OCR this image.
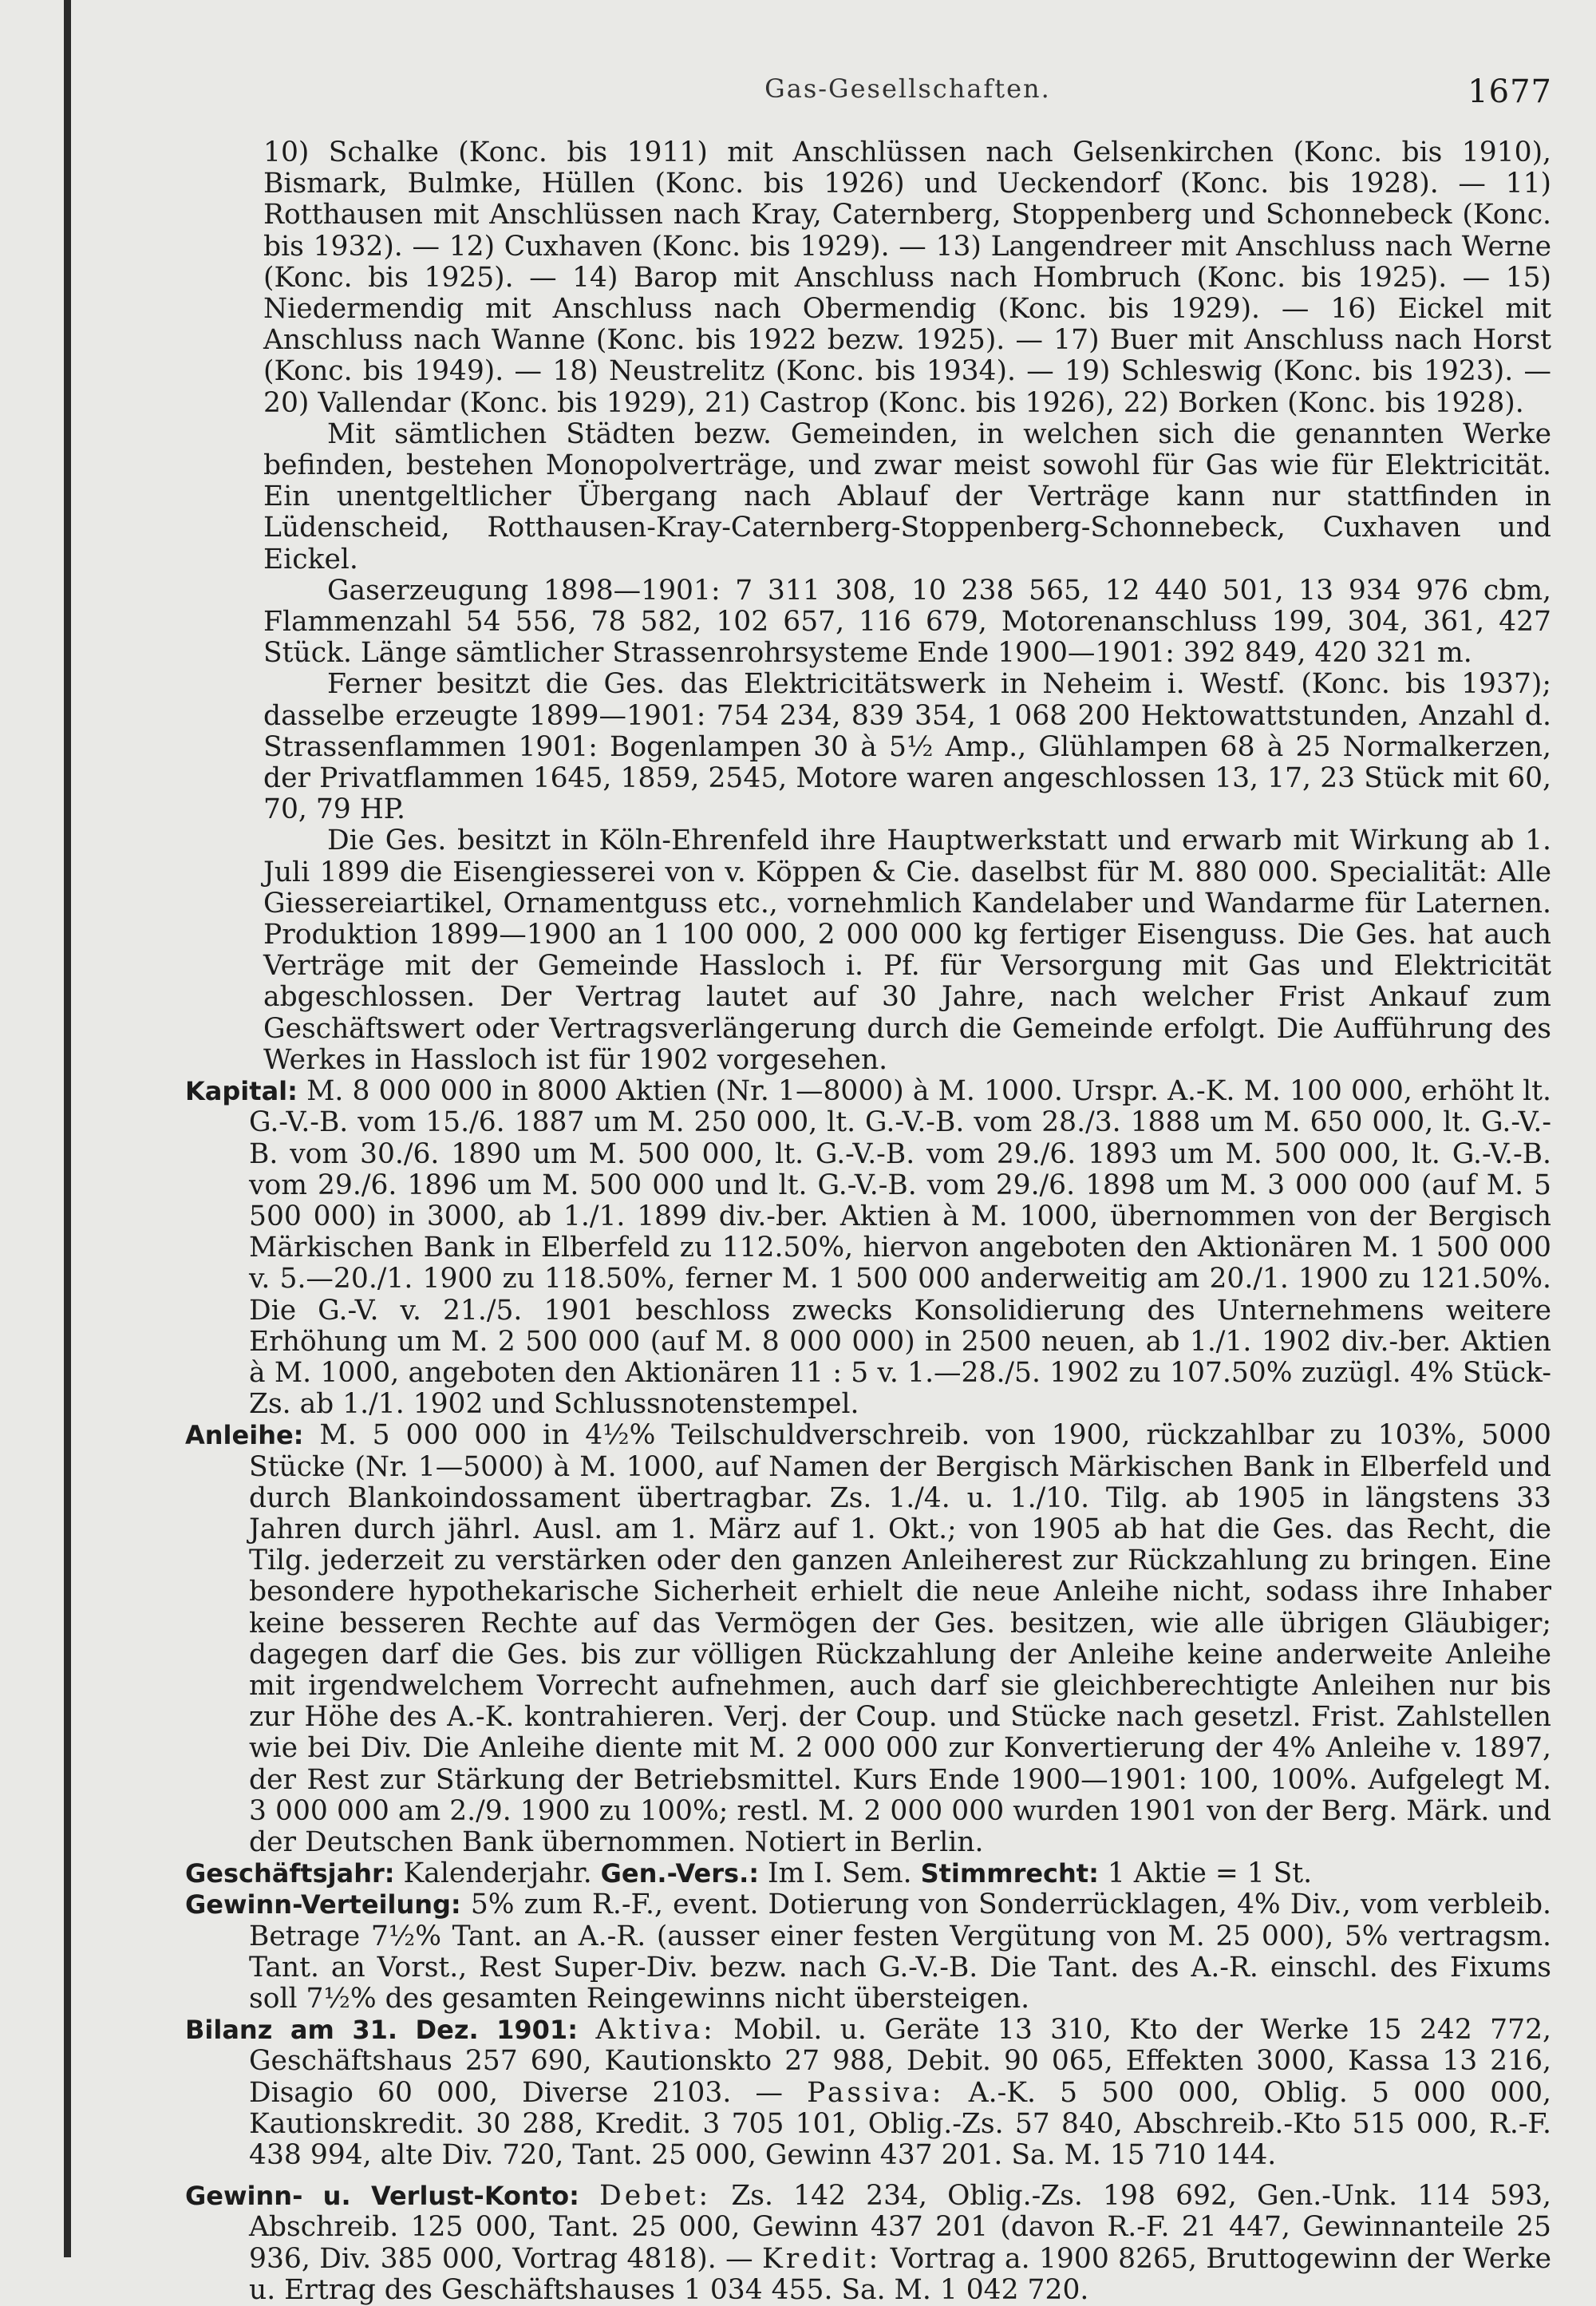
Gas-Gesellschaften.	1677

10) Schalke (Konc. bis 1911) mit Anschlüssen nach Gelsenkirchen (Konc. bis 1910), Bismark, Bulmke, Hüllen (Konc. bis 1926) und Ueckendorf (Konc. bis 1928). — 11) Rotthausen mit Anschlüssen nach Kray, Caternberg, Stoppenberg und Schonnebeck (Konc. bis 1932). — 12) Cuxhaven (Konc. bis 1929). — 13) Langendreer mit Anschluss nach Werne (Konc. bis 1925). — 14) Barop mit Anschluss nach Hombruch (Konc. bis 1925). — 15) Niedermendig mit Anschluss nach Obermendig (Konc. bis 1929). — 16) Eickel mit Anschluss nach Wanne (Konc. bis 1922 bezw. 1925). — 17) Buer mit Anschluss nach Horst (Konc. bis 1949). — 18) Neustrelitz (Konc. bis 1934). — 19) Schleswig (Konc. bis 1923). — 20) Vallendar (Konc. bis 1929), 21) Castrop (Konc. bis 1926), 22) Borken (Konc. bis 1928).

Mit sämtlichen Städten bezw. Gemeinden, in welchen sich die genannten Werke befinden, bestehen Monopolverträge, und zwar meist sowohl für Gas wie für Elektricität. Ein unentgeltlicher Übergang nach Ablauf der Verträge kann nur stattfinden in Lüdenscheid, Rotthausen-Kray-Caternberg-Stoppenberg-Schonnebeck, Cuxhaven und Eickel.

Gaserzeugung 1898—1901: 7 311 308, 10 238 565, 12 440 501, 13 934 976 cbm, Flammenzahl 54 556, 78 582, 102 657, 116 679, Motorenanschluss 199, 304, 361, 427 Stück. Länge sämtlicher Strassenrohrsysteme Ende 1900—1901: 392 849, 420 321 m.

Ferner besitzt die Ges. das Elektricitätswerk in Neheim i. Westf. (Konc. bis 1937); dasselbe erzeugte 1899—1901: 754 234, 839 354, 1 068 200 Hektowattstunden, Anzahl d. Strassenflammen 1901: Bogenlampen 30 à 5½ Amp., Glühlampen 68 à 25 Normalkerzen, der Privatflammen 1645, 1859, 2545, Motore waren angeschlossen 13, 17, 23 Stück mit 60, 70, 79 HP.

Die Ges. besitzt in Köln-Ehrenfeld ihre Hauptwerkstatt und erwarb mit Wirkung ab 1. Juli 1899 die Eisengiesserei von v. Köppen & Cie. daselbst für M. 880 000. Specialität: Alle Giessereiartikel, Ornamentguss etc., vornehmlich Kandelaber und Wandarme für Laternen. Produktion 1899—1900 an 1 100 000, 2 000 000 kg fertiger Eisenguss. Die Ges. hat auch Verträge mit der Gemeinde Hassloch i. Pf. für Versorgung mit Gas und Elektricität abgeschlossen. Der Vertrag lautet auf 30 Jahre, nach welcher Frist Ankauf zum Geschäftswert oder Vertragsverlängerung durch die Gemeinde erfolgt. Die Aufführung des Werkes in Hassloch ist für 1902 vorgesehen.

Kapital: M. 8 000 000 in 8000 Aktien (Nr. 1—8000) à M. 1000. Urspr. A.-K. M. 100 000, erhöht lt. G.-V.-B. vom 15./6. 1887 um M. 250 000, lt. G.-V.-B. vom 28./3. 1888 um M. 650 000, lt. G.-V.-B. vom 30./6. 1890 um M. 500 000, lt. G.-V.-B. vom 29./6. 1893 um M. 500 000, lt. G.-V.-B. vom 29./6. 1896 um M. 500 000 und lt. G.-V.-B. vom 29./6. 1898 um M. 3 000 000 (auf M. 5 500 000) in 3000, ab 1./1. 1899 div.-ber. Aktien à M. 1000, übernommen von der Bergisch Märkischen Bank in Elberfeld zu 112.50%, hiervon angeboten den Aktionären M. 1 500 000 v. 5.—20./1. 1900 zu 118.50%, ferner M. 1 500 000 anderweitig am 20./1. 1900 zu 121.50%. Die G.-V. v. 21./5. 1901 beschloss zwecks Konsolidierung des Unternehmens weitere Erhöhung um M. 2 500 000 (auf M. 8 000 000) in 2500 neuen, ab 1./1. 1902 div.-ber. Aktien à M. 1000, angeboten den Aktionären 11 : 5 v. 1.—28./5. 1902 zu 107.50% zuzügl. 4% Stück-Zs. ab 1./1. 1902 und Schlussnotenstempel.

Anleihe: M. 5 000 000 in 4½% Teilschuldverschreib. von 1900, rückzahlbar zu 103%, 5000 Stücke (Nr. 1—5000) à M. 1000, auf Namen der Bergisch Märkischen Bank in Elberfeld und durch Blankoindossament übertragbar. Zs. 1./4. u. 1./10. Tilg. ab 1905 in längstens 33 Jahren durch jährl. Ausl. am 1. März auf 1. Okt.; von 1905 ab hat die Ges. das Recht, die Tilg. jederzeit zu verstärken oder den ganzen Anleiherest zur Rückzahlung zu bringen. Eine besondere hypothekarische Sicherheit erhielt die neue Anleihe nicht, sodass ihre Inhaber keine besseren Rechte auf das Vermögen der Ges. besitzen, wie alle übrigen Gläubiger; dagegen darf die Ges. bis zur völligen Rückzahlung der Anleihe keine anderweite Anleihe mit irgendwelchem Vorrecht aufnehmen, auch darf sie gleichberechtigte Anleihen nur bis zur Höhe des A.-K. kontrahieren. Verj. der Coup. und Stücke nach gesetzl. Frist. Zahlstellen wie bei Div. Die Anleihe diente mit M. 2 000 000 zur Konvertierung der 4% Anleihe v. 1897, der Rest zur Stärkung der Betriebsmittel. Kurs Ende 1900—1901: 100, 100%. Aufgelegt M. 3 000 000 am 2./9. 1900 zu 100%; restl. M. 2 000 000 wurden 1901 von der Berg. Märk. und der Deutschen Bank übernommen. Notiert in Berlin.

Geschäftsjahr: Kalenderjahr. Gen.-Vers.: Im I. Sem. Stimmrecht: 1 Aktie = 1 St.

Gewinn-Verteilung: 5% zum R.-F., event. Dotierung von Sonderrücklagen, 4% Div., vom verbleib. Betrage 7½% Tant. an A.-R. (ausser einer festen Vergütung von M. 25 000), 5% vertragsm. Tant. an Vorst., Rest Super-Div. bezw. nach G.-V.-B. Die Tant. des A.-R. einschl. des Fixums soll 7½% des gesamten Reingewinns nicht übersteigen.

Bilanz am 31. Dez. 1901: Aktiva: Mobil. u. Geräte 13 310, Kto der Werke 15 242 772, Geschäftshaus 257 690, Kautionskto 27 988, Debit. 90 065, Effekten 3000, Kassa 13 216, Disagio 60 000, Diverse 2103. — Passiva: A.-K. 5 500 000, Oblig. 5 000 000, Kautionskredit. 30 288, Kredit. 3 705 101, Oblig.-Zs. 57 840, Abschreib.-Kto 515 000, R.-F. 438 994, alte Div. 720, Tant. 25 000, Gewinn 437 201. Sa. M. 15 710 144.

Gewinn- u. Verlust-Konto: Debet: Zs. 142 234, Oblig.-Zs. 198 692, Gen.-Unk. 114 593, Abschreib. 125 000, Tant. 25 000, Gewinn 437 201 (davon R.-F. 21 447, Gewinnanteile 25 936, Div. 385 000, Vortrag 4818). — Kredit: Vortrag a. 1900 8265, Bruttogewinn der Werke u. Ertrag des Geschäftshauses 1 034 455. Sa. M. 1 042 720.
